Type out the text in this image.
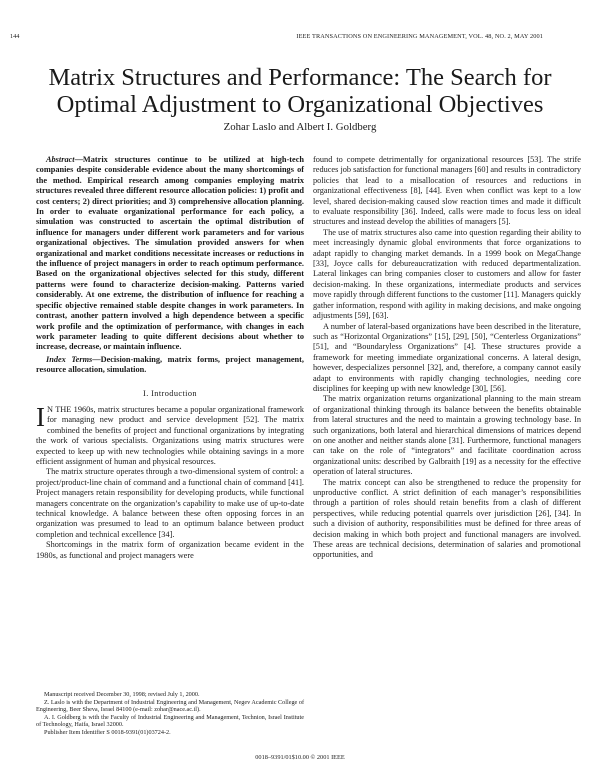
144	IEEE TRANSACTIONS ON ENGINEERING MANAGEMENT, VOL. 48, NO. 2, MAY 2001
Matrix Structures and Performance: The Search for
Optimal Adjustment to Organizational Objectives
Zohar Laslo and Albert I. Goldberg

Abstract—Matrix structures continue to be utilized at high-tech companies despite considerable evidence about the many shortcomings of the method. Empirical research among companies employing matrix structures revealed three different resource allocation policies: 1) profit and cost centers; 2) direct priorities; and 3) comprehensive allocation planning. In order to evaluate organizational performance for each policy, a simulation was constructed to ascertain the optimal distribution of influence for managers under different work parameters and for various organizational objectives. The simulation provided answers for when organizational and market conditions necessitate increases or reductions in the influence of project managers in order to reach optimum performance. Based on the organizational objectives selected for this study, different patterns were found to characterize decision-making. Patterns varied considerably. At one extreme, the distribution of influence for reaching a specific objective remained stable despite changes in work parameters. In contrast, another pattern involved a high dependence between a specific work profile and the optimization of performance, with changes in each work parameter leading to quite different decisions about whether to increase, decrease, or maintain influence.

Index Terms—Decision-making, matrix forms, project management, resource allocation, simulation.

I. Introduction

I N THE 1960s, matrix structures became a popular organizational framework for managing new product and service development [52]. The matrix combined the benefits of project and functional organizations by integrating the work of various specialists. Organizations using matrix structures were expected to keep up with new technologies while obtaining savings in a more efficient assignment of human and physical resources.

The matrix structure operates through a two-dimensional system of control: a project/product-line chain of command and a functional chain of command [41]. Project managers retain responsibility for developing products, while functional managers concentrate on the organization’s capability to make use of up-to-date technical knowledge. A balance between these often opposing forces in an organization was presumed to lead to an optimum balance between product completion and technical excellence [34].

Shortcomings in the matrix form of organization became evident in the 1980s, as functional and project managers were

Manuscript received December 30, 1998; revised July 1, 2000.

Z. Laslo is with the Department of Industrial Engineering and Management, Negev Academic College of Engineering, Beer Sheva, Israel 84100 (e-mail: zohar@nace.ac.il).

A. I. Goldberg is with the Faculty of Industrial Engineering and Management, Technion, Israel Institute of Technology, Haifa, Israel 32000.

Publisher Item Identifier S 0018-9391(01)03724-2.

found to compete detrimentally for organizational resources [53]. The strife reduces job satisfaction for functional managers [60] and results in contradictory policies that lead to a misallocation of resources and reductions in organizational effectiveness [8], [44]. Even when conflict was kept to a low level, shared decision-making caused slow reaction times and made it difficult to evaluate responsibility [36]. Indeed, calls were made to focus less on ideal structures and instead develop the abilities of managers [5].

The use of matrix structures also came into question regarding their ability to meet increasingly dynamic global environments that force organizations to adapt rapidly to changing market demands. In a 1999 book on MegaChange [33], Joyce calls for debureaucratization with reduced departmentalization. Lateral linkages can bring companies closer to customers and allow for faster decision-making. In these organizations, intermediate products and services move rapidly through different functions to the customer [11]. Managers quickly gather information, respond with agility in making decisions, and make ongoing adjustments [59], [63].

A number of lateral-based organizations have been described in the literature, such as “Horizontal Organizations” [15], [29], [50], “Centerless Organizations” [51], and “Boundaryless Organizations” [4]. These structures provide a framework for meeting immediate organizational concerns. A lateral design, however, despecializes personnel [32], and, therefore, a company cannot easily adapt to environments with rapidly changing technologies, needing core disciplines for keeping up with new knowledge [30], [56].

The matrix organization returns organizational planning to the main stream of organizational thinking through its balance between the benefits obtainable from lateral structures and the need to maintain a growing technology base. In such organizations, both lateral and hierarchical dimensions of matrices depend on one another and neither stands alone [31]. Furthermore, functional managers can take on the role of “integrators” and facilitate coordination across organizational units: described by Galbraith [19] as a necessity for the effective operation of lateral structures.

The matrix concept can also be strengthened to reduce the propensity for unproductive conflict. A strict definition of each manager’s responsibilities through a partition of roles should retain benefits from a clash of different perspectives, while reducing potential quarrels over jurisdiction [26], [34]. In such a division of authority, responsibilities must be defined for three areas of decision making in which both project and functional managers are involved. These areas are technical decisions, determination of salaries and promotional opportunities, and

0018–9391/01$10.00 © 2001 IEEE
